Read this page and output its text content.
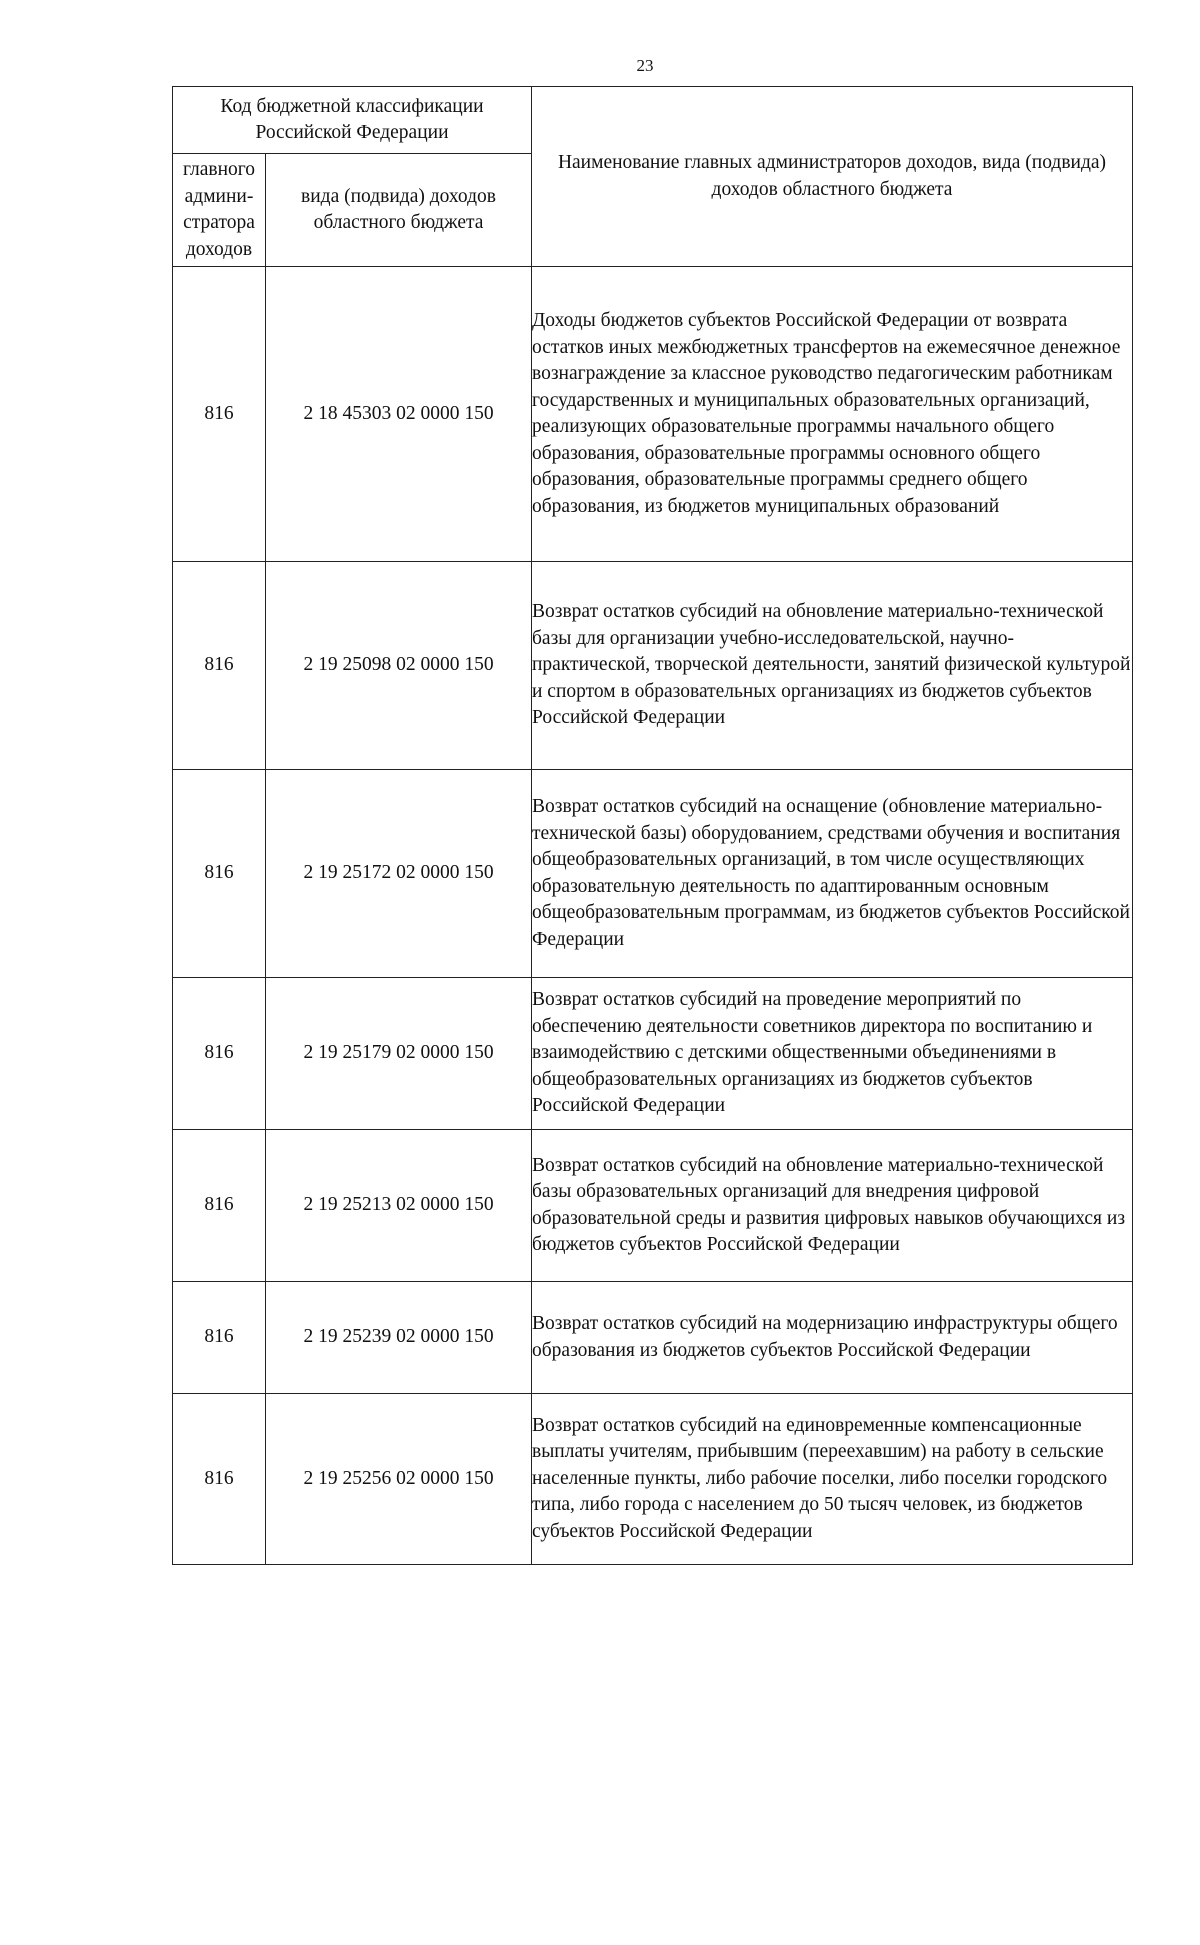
23
Код бюджетной классификации Российской Федерации		Наименование главных администраторов доходов, вида (подвида) доходов областного бюджета
главного админи-стратора доходов	вида (подвида) доходов областного бюджета	
816	2 18 45303 02 0000 150	Доходы бюджетов субъектов Российской Федерации от возврата остатков иных межбюджетных трансфертов на ежемесячное денежное вознаграждение за классное руководство педагогическим работникам государственных и муниципальных образовательных организаций, реализующих образовательные программы начального общего образования, образовательные программы основного общего образования, образовательные программы среднего общего образования, из бюджетов муниципальных образований
816	2 19 25098 02 0000 150	Возврат остатков субсидий на обновление материально-технической базы для организации учебно-исследовательской, научно-практической, творческой деятельности, занятий физической культурой и спортом в образовательных организациях из бюджетов субъектов Российской Федерации
816	2 19 25172 02 0000 150	Возврат остатков субсидий на оснащение (обновление материально-технической базы) оборудованием, средствами обучения и воспитания общеобразовательных организаций, в том числе осуществляющих образовательную деятельность по адаптированным основным общеобразовательным программам, из бюджетов субъектов Российской Федерации
816	2 19 25179 02 0000 150	Возврат остатков субсидий на проведение мероприятий по обеспечению деятельности советников директора по воспитанию и взаимодействию с детскими общественными объединениями в общеобразовательных организациях из бюджетов субъектов Российской Федерации
816	2 19 25213 02 0000 150	Возврат остатков субсидий на обновление материально-технической базы образовательных организаций для внедрения цифровой образовательной среды и развития цифровых навыков обучающихся из бюджетов субъектов Российской Федерации
816	2 19 25239 02 0000 150	Возврат остатков субсидий на модернизацию инфраструктуры общего образования из бюджетов субъектов Российской Федерации
816	2 19 25256 02 0000 150	Возврат остатков субсидий на единовременные компенсационные выплаты учителям, прибывшим (переехавшим) на работу в сельские населенные пункты, либо рабочие поселки, либо поселки городского типа, либо города с населением до 50 тысяч человек, из бюджетов субъектов Российской Федерации
